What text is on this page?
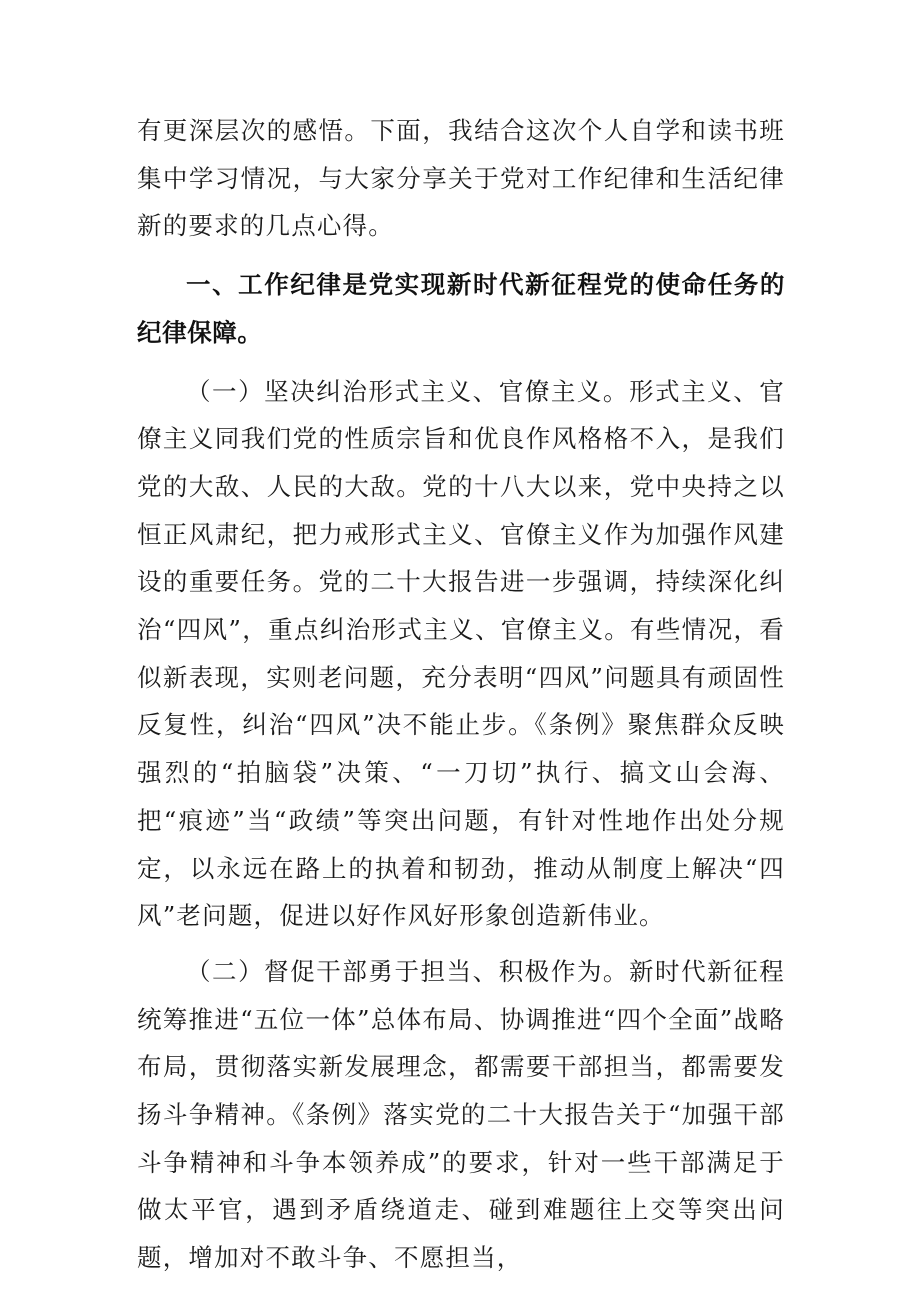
有更深层次的感悟。下面，我结合这次个人自学和读书班集中学习情况，与大家分享关于党对工作纪律和生活纪律新的要求的几点心得。

一、工作纪律是党实现新时代新征程党的使命任务的纪律保障。

（一）坚决纠治形式主义、官僚主义。形式主义、官僚主义同我们党的性质宗旨和优良作风格格不入，是我们党的大敌、人民的大敌。党的十八大以来，党中央持之以恒正风肃纪，把力戒形式主义、官僚主义作为加强作风建设的重要任务。党的二十大报告进一步强调，持续深化纠治“四风”，重点纠治形式主义、官僚主义。有些情况，看似新表现，实则老问题，充分表明“四风”问题具有顽固性反复性，纠治“四风”决不能止步。《条例》聚焦群众反映强烈的“拍脑袋”决策、“一刀切”执行、搞文山会海、把“痕迹”当“政绩”等突出问题，有针对性地作出处分规定，以永远在路上的执着和韧劲，推动从制度上解决“四风”老问题，促进以好作风好形象创造新伟业。

（二）督促干部勇于担当、积极作为。新时代新征程统筹推进“五位一体”总体布局、协调推进“四个全面”战略布局，贯彻落实新发展理念，都需要干部担当，都需要发扬斗争精神。《条例》落实党的二十大报告关于“加强干部斗争精神和斗争本领养成”的要求，针对一些干部满足于做太平官，遇到矛盾绕道走、碰到难题往上交等突出问题，增加对不敢斗争、不愿担当，
